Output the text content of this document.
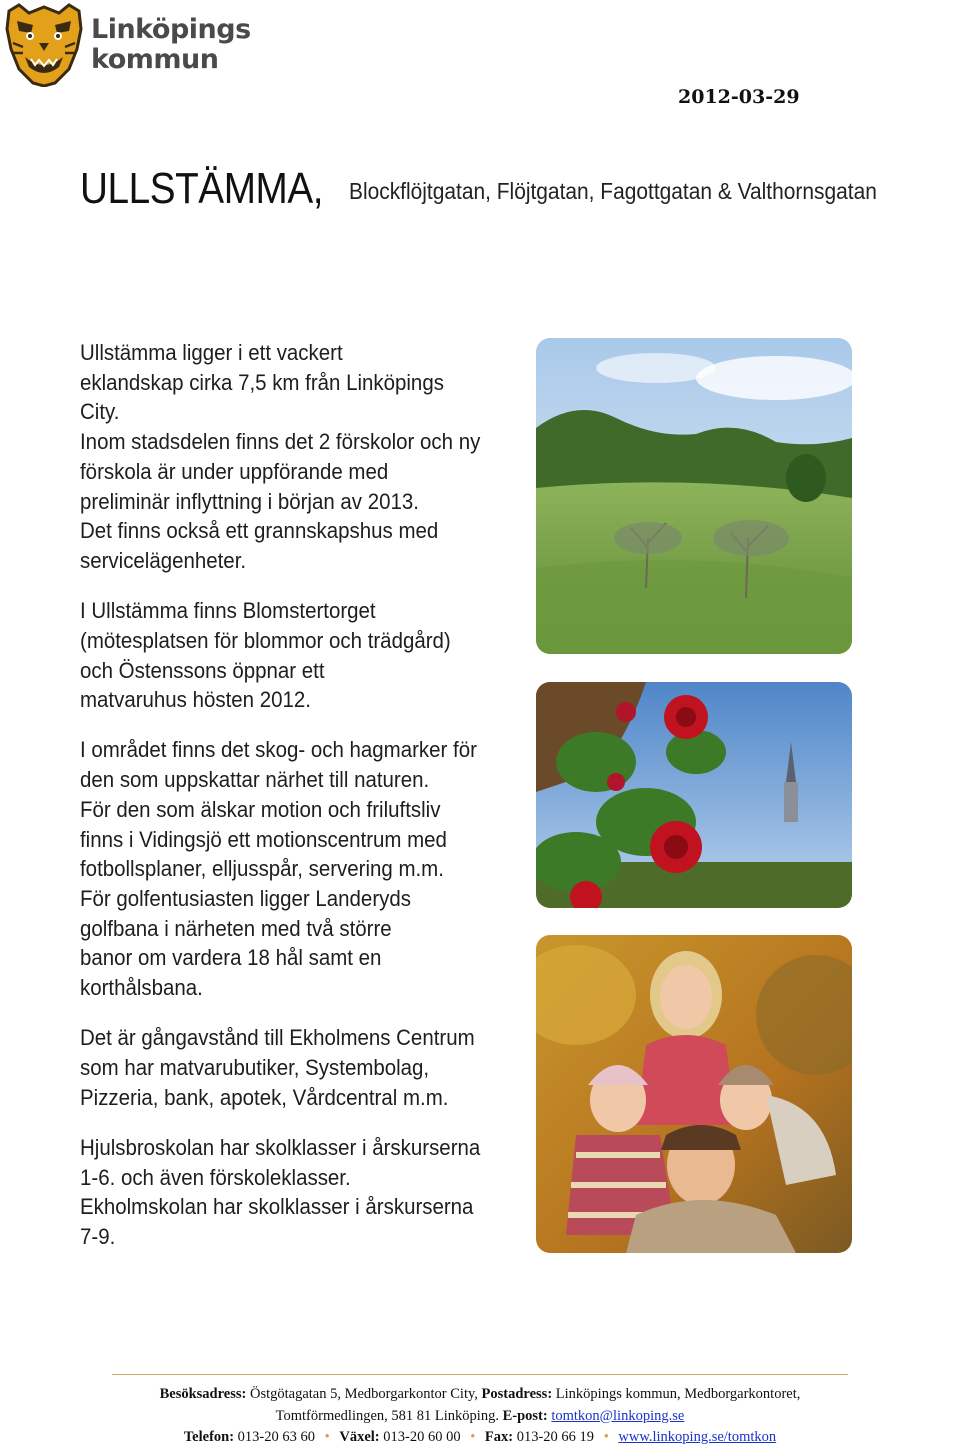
Linköpings
kommun
2012-03-29
ULLSTÄMMA, Blockflöjtgatan, Flöjtgatan, Fagottgatan & Valthornsgatan

Ullstämma ligger i ett vackert
eklandskap cirka 7,5 km från Linköpings
City.
Inom stadsdelen finns det 2 förskolor och ny
förskola är under uppförande med
preliminär inflyttning i början av 2013.
Det finns också ett grannskapshus med
servicelägenheter.

I Ullstämma finns Blomstertorget
(mötesplatsen för blommor och trädgård)
och Östenssons öppnar ett
matvaruhus hösten 2012.

I området finns det skog- och hagmarker för
den som uppskattar närhet till naturen.
För den som älskar motion och friluftsliv
finns i Vidingsjö ett motionscentrum med
fotbollsplaner, elljusspår, servering m.m.
För golfentusiasten ligger Landeryds
golfbana i närheten med två större
banor om vardera 18 hål samt en
korthålsbana.

Det är gångavstånd till Ekholmens Centrum
som har matvarubutiker, Systembolag,
Pizzeria, bank, apotek, Vårdcentral m.m.

Hjulsbroskolan har skolklasser i årskurserna
1-6. och även förskoleklasser.
Ekholmskolan har skolklasser i årskurserna
7-9.

Besöksadress: Östgötagatan 5, Medborgarkontor City, Postadress: Linköpings kommun, Medborgarkontoret,
Tomtförmedlingen, 581 81 Linköping. E-post: tomtkon@linkoping.se
Telefon: 013-20 63 60 • Växel: 013-20 60 00 • Fax: 013-20 66 19 • www.linkoping.se/tomtkon
